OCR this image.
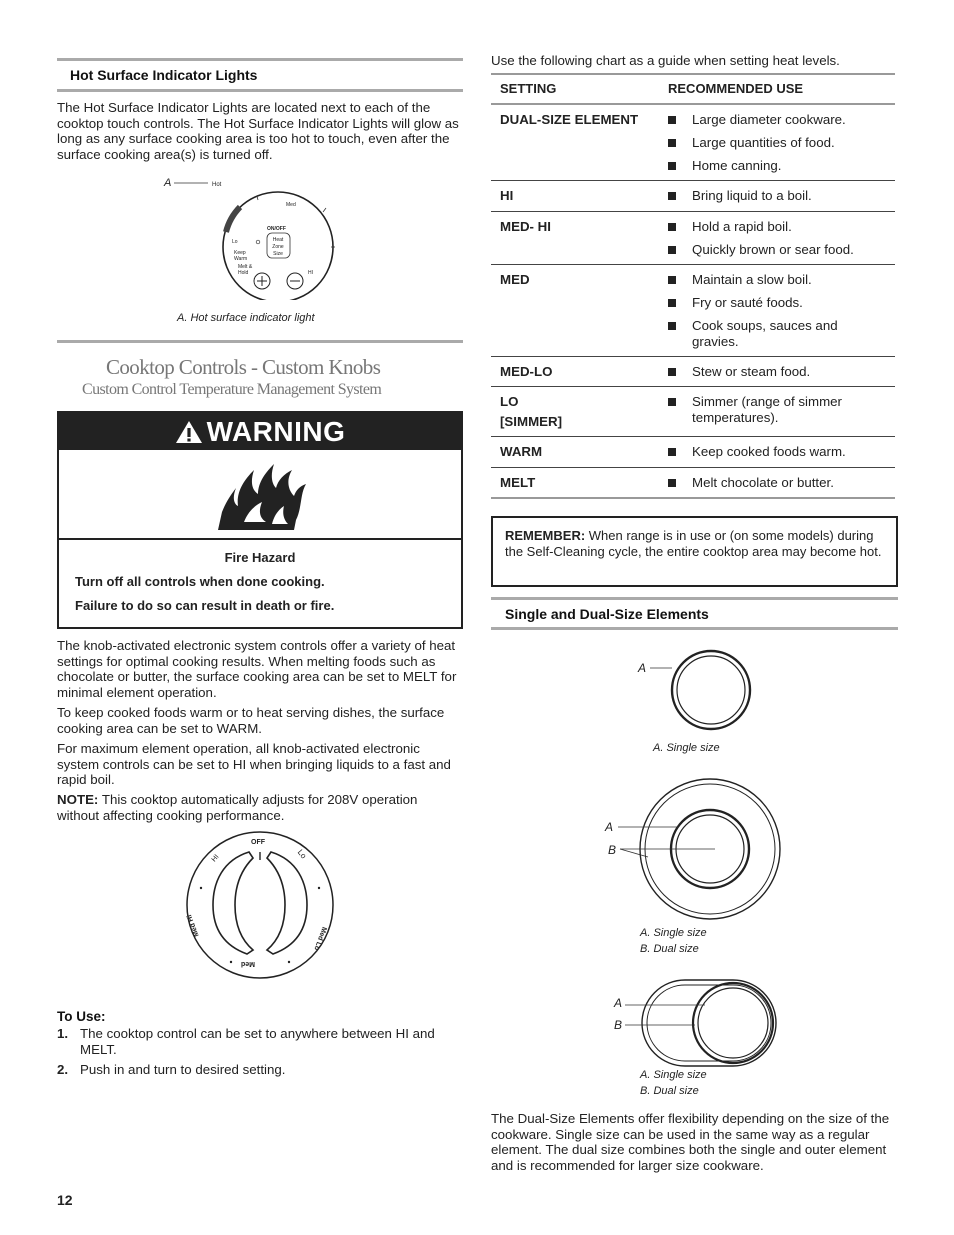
Hot Surface Indicator Lights
The Hot Surface Indicator Lights are located next to each of the cooktop touch controls. The Hot Surface Indicator Lights will glow as long as any surface cooking area is too hot to touch, even after the surface cooking area(s) is turned off.
A	Hot
Med
ON/OFF
Heat
Zone
Size
Lo
Keep
Warm
Melt &
Hold	HI
A. Hot surface indicator light
Cooktop Controls - Custom Knobs
Custom Control Temperature Management System
WARNING
Fire Hazard
Turn off all controls when done cooking.
Failure to do so can result in death or fire.
The knob-activated electronic system controls offer a variety of heat settings for optimal cooking results. When melting foods such as chocolate or butter, the surface cooking area can be set to MELT for minimal element operation.
To keep cooked foods warm or to heat serving dishes, the surface cooking area can be set to WARM.
For maximum element operation, all knob-activated electronic system controls can be set to HI when bringing liquids to a fast and rapid boil.
NOTE: This cooktop automatically adjusts for 208V operation without affecting cooking performance.
OFF
HI	Lo
Med Hi
Med Lo
Med
To Use:
1. The cooktop control can be set to anywhere between HI and MELT.
2. Push in and turn to desired setting.
12
Use the following chart as a guide when setting heat levels.
SETTING	RECOMMENDED USE

DUAL-SIZE ELEMENT	Large diameter cookware.
Large quantities of food.
Home canning.

HI	Bring liquid to a boil.

MED- HI	Hold a rapid boil.
Quickly brown or sear food.

MED	Maintain a slow boil.
Fry or sauté foods.
Cook soups, sauces and gravies.

MED-LO	Stew or steam food.

LO
[SIMMER]	Simmer (range of simmer temperatures).

WARM	Keep cooked foods warm.

MELT	Melt chocolate or butter.
REMEMBER: When range is in use or (on some models) during the Self-Cleaning cycle, the entire cooktop area may become hot.
Single and Dual-Size Elements
A
A. Single size
A
B
A. Single size
B. Dual size
A
B
A. Single size
B. Dual size
The Dual-Size Elements offer flexibility depending on the size of the cookware. Single size can be used in the same way as a regular element. The dual size combines both the single and outer element and is recommended for larger size cookware.
